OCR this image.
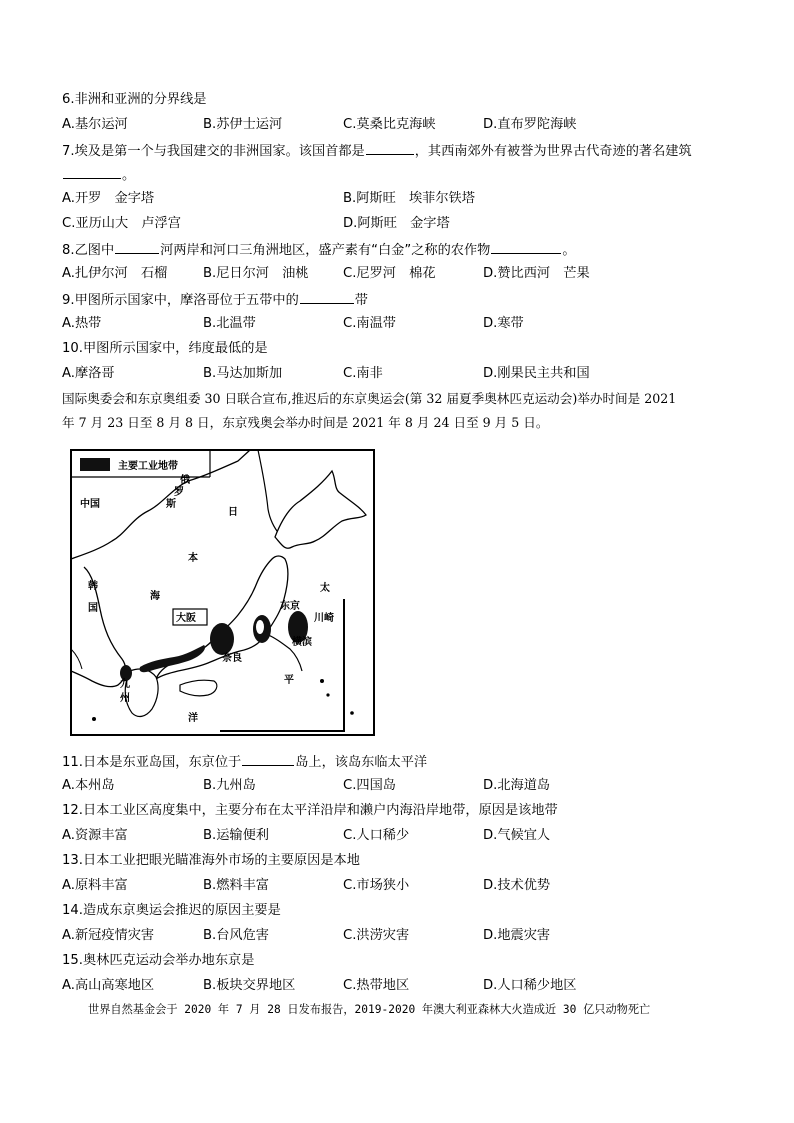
6.非洲和亚洲的分界线是
A.基尔运河	B.苏伊士运河	C.莫桑比克海峡	D.直布罗陀海峡
7.埃及是第一个与我国建交的非洲国家。该国首都是	，其西南郊外有被誉为世界古代奇迹的著名建筑
。
A.开罗　金字塔	B.阿斯旺　埃菲尔铁塔
C.亚历山大　卢浮宫	D.阿斯旺　金字塔
8.乙图中	河两岸和河口三角洲地区，盛产素有“白金”之称的农作物	。
A.扎伊尔河　石榴	B.尼日尔河　油桃	C.尼罗河　棉花	D.赞比西河　芒果
9.甲图所示国家中，摩洛哥位于五带中的	带
A.热带	B.北温带	C.南温带	D.寒带
10.甲图所示国家中，纬度最低的是
A.摩洛哥	B.马达加斯加	C.南非	D.刚果民主共和国
国际奥委会和东京奥组委 30 日联合宣布,推迟后的东京奥运会(第 32 届夏季奥林匹克运动会)举办时间是 2021
年 7 月 23 日至 8 月 8 日，东京残奥会举办时间是 2021 年 8 月 24 日至 9 月 5 日。
主要工业地带
中国
韩
国
俄
罗
斯
日
本
海
太
平
洋
大阪
东京
川崎
横滨
奈良
九
州
11.日本是东亚岛国，东京位于	岛上，该岛东临太平洋
A.本州岛	B.九州岛	C.四国岛	D.北海道岛
12.日本工业区高度集中，主要分布在太平洋沿岸和濑户内海沿岸地带，原因是该地带
A.资源丰富	B.运输便利	C.人口稀少	D.气候宜人
13.日本工业把眼光瞄准海外市场的主要原因是本地
A.原料丰富	B.燃料丰富	C.市场狭小	D.技术优势
14.造成东京奥运会推迟的原因主要是
A.新冠疫情灾害	B.台风危害	C.洪涝灾害	D.地震灾害
15.奥林匹克运动会举办地东京是
A.高山高寒地区	B.板块交界地区	C.热带地区	D.人口稀少地区
世界自然基金会于 2020 年 7 月 28 日发布报告，2019-2020 年澳大利亚森林大火造成近 30 亿只动物死亡
